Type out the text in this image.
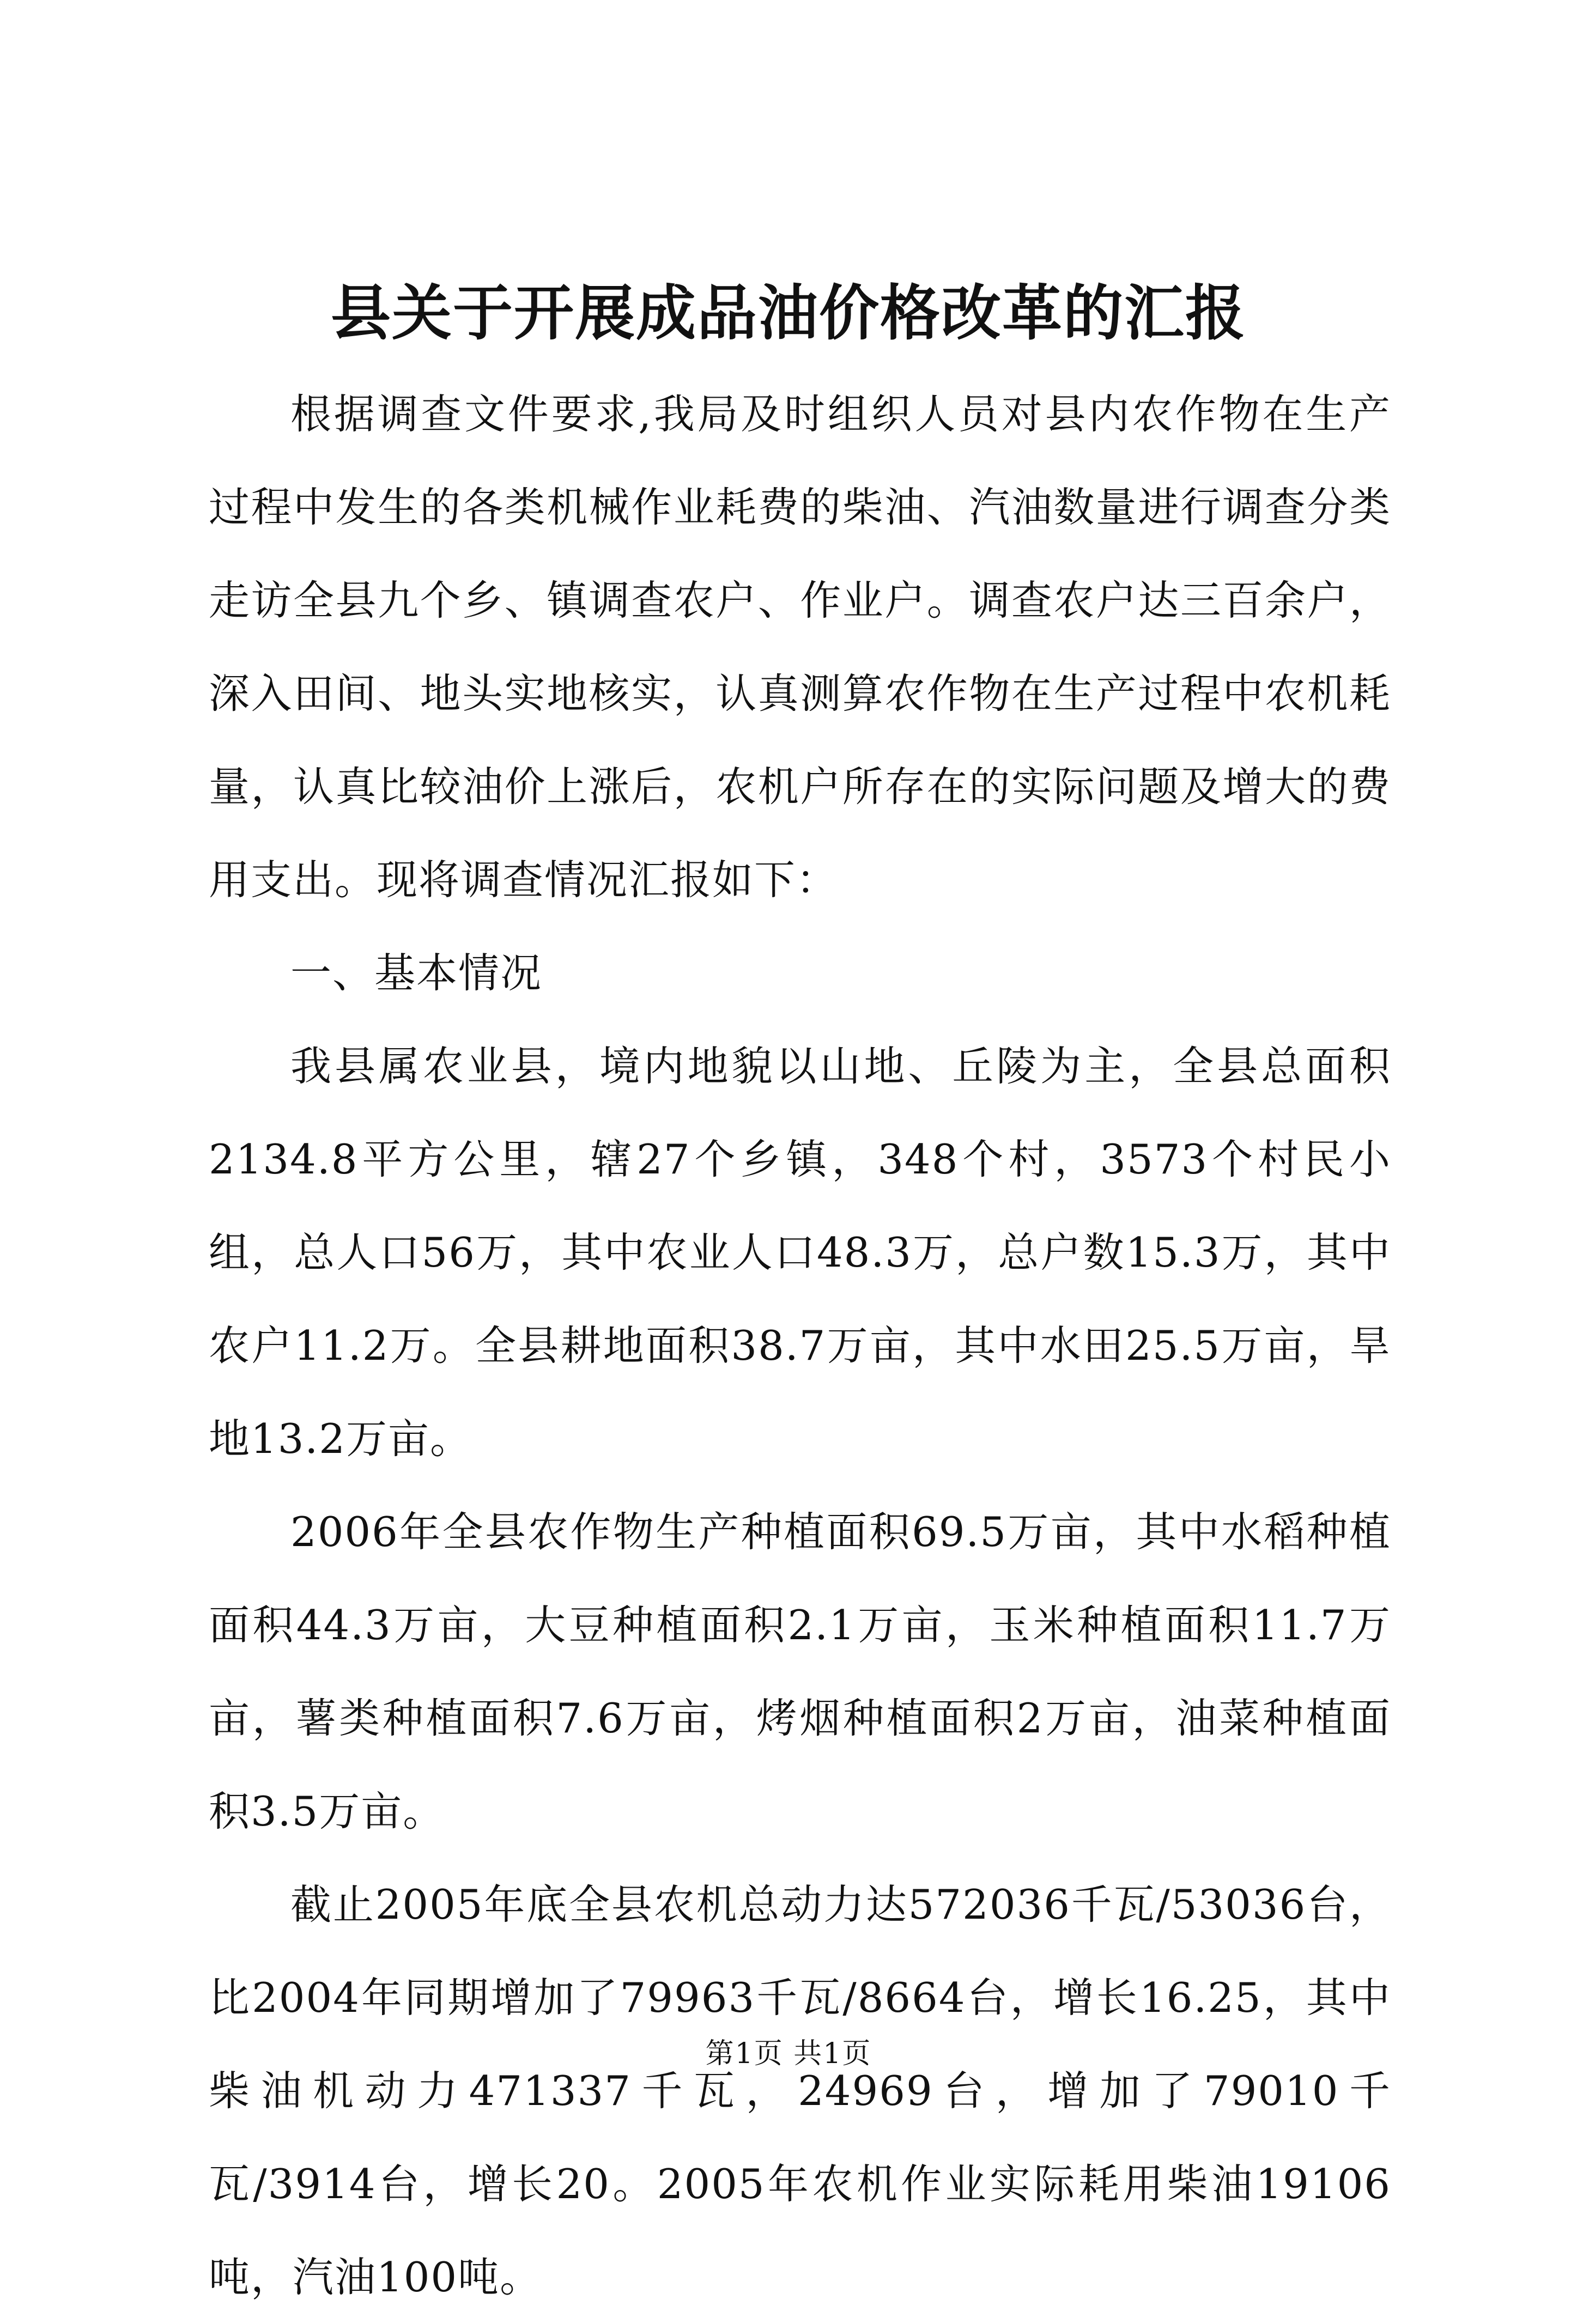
县关于开展成品油价格改革的汇报

根据调查文件要求,我局及时组织人员对县内农作物在生产过程中发生的各类机械作业耗费的柴油、汽油数量进行调查分类走访全县九个乡、镇调查农户、作业户。调查农户达三百余户，深入田间、地头实地核实，认真测算农作物在生产过程中农机耗量，认真比较油价上涨后，农机户所存在的实际问题及增大的费用支出。现将调查情况汇报如下：

一、基本情况

我县属农业县，境内地貌以山地、丘陵为主，全县总面积2134.8平方公里，辖27个乡镇，348个村，3573个村民小组，总人口56万，其中农业人口48.3万，总户数15.3万，其中农户11.2万。全县耕地面积38.7万亩，其中水田25.5万亩，旱地13.2万亩。

2006年全县农作物生产种植面积69.5万亩，其中水稻种植面积44.3万亩，大豆种植面积2.1万亩，玉米种植面积11.7万亩，薯类种植面积7.6万亩，烤烟种植面积2万亩，油菜种植面积3.5万亩。

截止2005年底全县农机总动力达572036千瓦/53036台，比2004年同期增加了79963千瓦/8664台，增长16.25，其中柴油机动力471337千瓦，24969台，增加了79010千瓦/3914台，增长20。2005年农机作业实际耗用柴油19106吨，汽油100吨。

第1页 共1页
